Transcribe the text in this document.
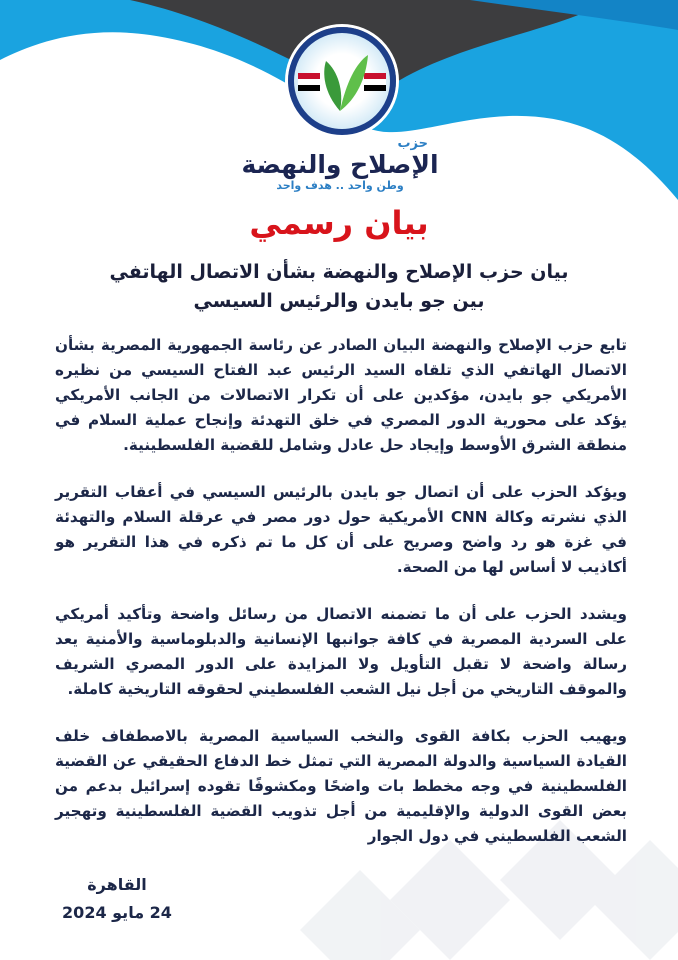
حزب
الإصلاح والنهضة
وطن واحد .. هدف واحد
بيان رسمي
بيان حزب الإصلاح والنهضة بشأن الاتصال الهاتفي
بين جو بايدن والرئيس السيسي

تابع حزب الإصلاح والنهضة البيان الصادر عن رئاسة الجمهورية المصرية بشأن الاتصال الهاتفي الذي تلقاه السيد الرئيس عبد الفتاح السيسي من نظيره الأمريكي جو بايدن، مؤكدين على أن تكرار الاتصالات من الجانب الأمريكي يؤكد على محورية الدور المصري في خلق التهدئة وإنجاح عملية السلام في منطقة الشرق الأوسط وإيجاد حل عادل وشامل للقضية الفلسطينية.

ويؤكد الحزب على أن اتصال جو بايدن بالرئيس السيسي في أعقاب التقرير الذي نشرته وكالة CNN الأمريكية حول دور مصر في عرقلة السلام والتهدئة في غزة هو رد واضح وصريح على أن كل ما تم ذكره في هذا التقرير هو أكاذيب لا أساس لها من الصحة.

ويشدد الحزب على أن ما تضمنه الاتصال من رسائل واضحة وتأكيد أمريكي على السردية المصرية في كافة جوانبها الإنسانية والدبلوماسية والأمنية يعد رسالة واضحة لا تقبل التأويل ولا المزايدة على الدور المصري الشريف والموقف التاريخي من أجل نيل الشعب الفلسطيني لحقوقه التاريخية كاملة.

ويهيب الحزب بكافة القوى والنخب السياسية المصرية بالاصطفاف خلف القيادة السياسية والدولة المصرية التي تمثل خط الدفاع الحقيقي عن القضية الفلسطينية في وجه مخطط بات واضحًا ومكشوفًا تقوده إسرائيل بدعم من بعض القوى الدولية والإقليمية من أجل تذويب القضية الفلسطينية وتهجير الشعب الفلسطيني في دول الجوار

القاهرة
24 مايو 2024
